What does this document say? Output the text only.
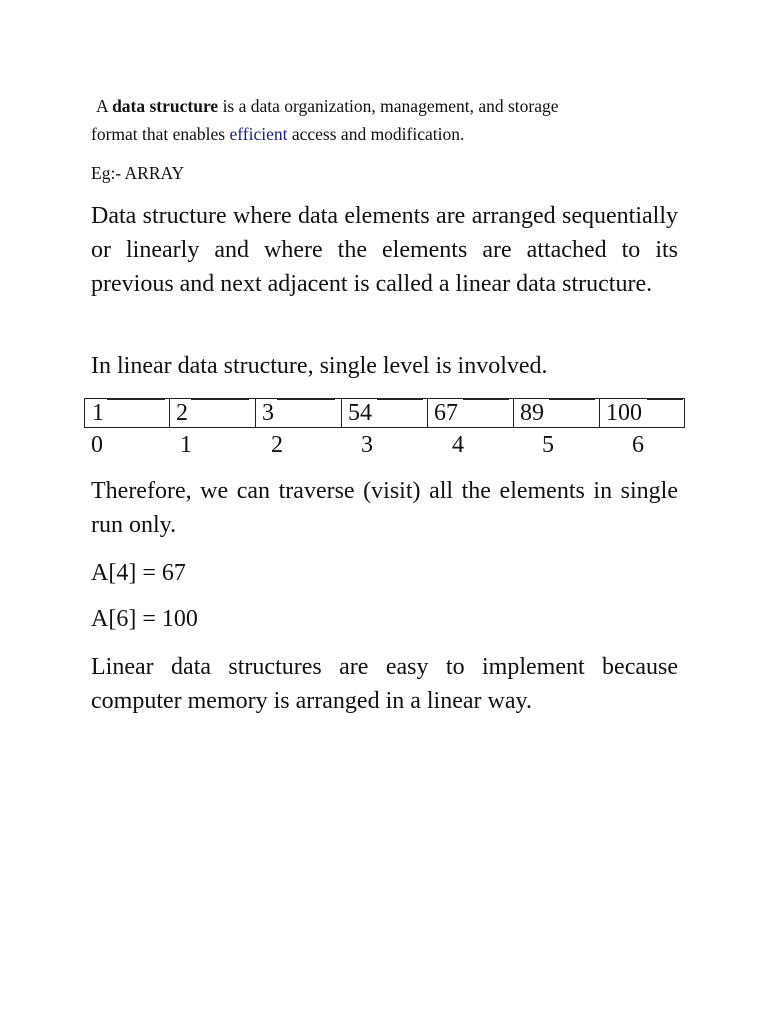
A data structure is a data organization, management, and storage
format that enables efficient access and modification.
Eg:- ARRAY
Data structure where data elements are arranged sequentially or linearly and where the elements are attached to its previous and next adjacent is called a linear data structure.
In linear data structure, single level is involved.
1	2	3	54	67	89	100
0	1	2	3	4	5	6
Therefore, we can traverse (visit) all the elements in single run only.
A[4] = 67
A[6] = 100
Linear data structures are easy to implement because computer memory is arranged in a linear way.
